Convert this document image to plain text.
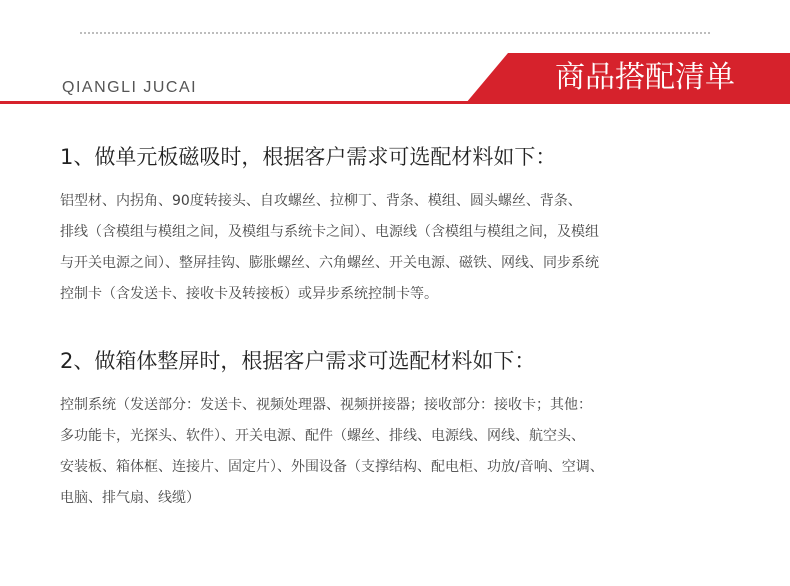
QIANGLI JUCAI	商品搭配清单
1、做单元板磁吸时，根据客户需求可选配材料如下：
铝型材、内拐角、90度转接头、自攻螺丝、拉柳丁、背条、模组、圆头螺丝、背条、
排线（含模组与模组之间，及模组与系统卡之间）、电源线（含模组与模组之间，及模组
与开关电源之间）、整屏挂钩、膨胀螺丝、六角螺丝、开关电源、磁铁、网线、同步系统
控制卡（含发送卡、接收卡及转接板）或异步系统控制卡等。
2、做箱体整屏时，根据客户需求可选配材料如下：
控制系统（发送部分：发送卡、视频处理器、视频拼接器；接收部分：接收卡；其他：
多功能卡，光探头、软件）、开关电源、配件（螺丝、排线、电源线、网线、航空头、
安装板、箱体框、连接片、固定片）、外围设备（支撑结构、配电柜、功放/音响、空调、
电脑、排气扇、线缆）
